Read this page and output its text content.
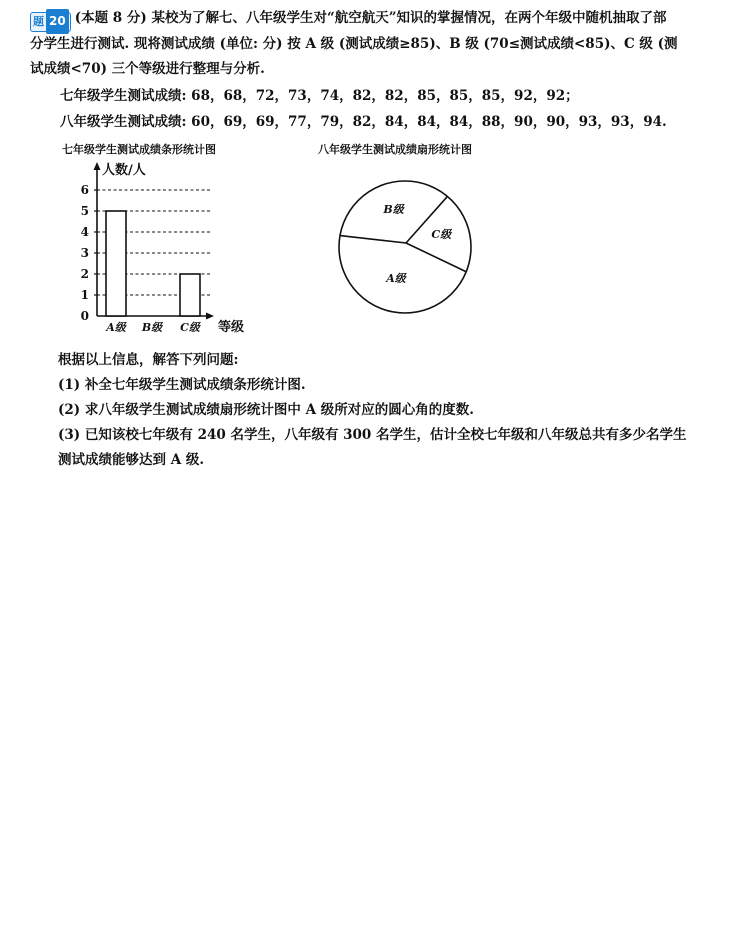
题 20 (本题 8 分) 某校为了解七、八年级学生对“航空航天”知识的掌握情况，在两个年级中随机抽取了部
分学生进行测试. 现将测试成绩 (单位: 分) 按 A 级 (测试成绩≥85)、B 级 (70≤测试成绩<85)、C 级 (测
试成绩<70) 三个等级进行整理与分析.
七年级学生测试成绩: 68，68，72，73，74，82，82，85，85，85，92，92；
八年级学生测试成绩: 60，69，69，77，79，82，84，84，84，88，90，90，93，93，94.
七年级学生测试成绩条形统计图	八年级学生测试成绩扇形统计图
0
1
2
3
4
5
6
A级 B级 C级
人数/人
等级
B级
C级
A级
根据以上信息，解答下列问题:
(1) 补全七年级学生测试成绩条形统计图.
(2) 求八年级学生测试成绩扇形统计图中 A 级所对应的圆心角的度数.
(3) 已知该校七年级有 240 名学生，八年级有 300 名学生，估计全校七年级和八年级总共有多少名学生
测试成绩能够达到 A 级.
